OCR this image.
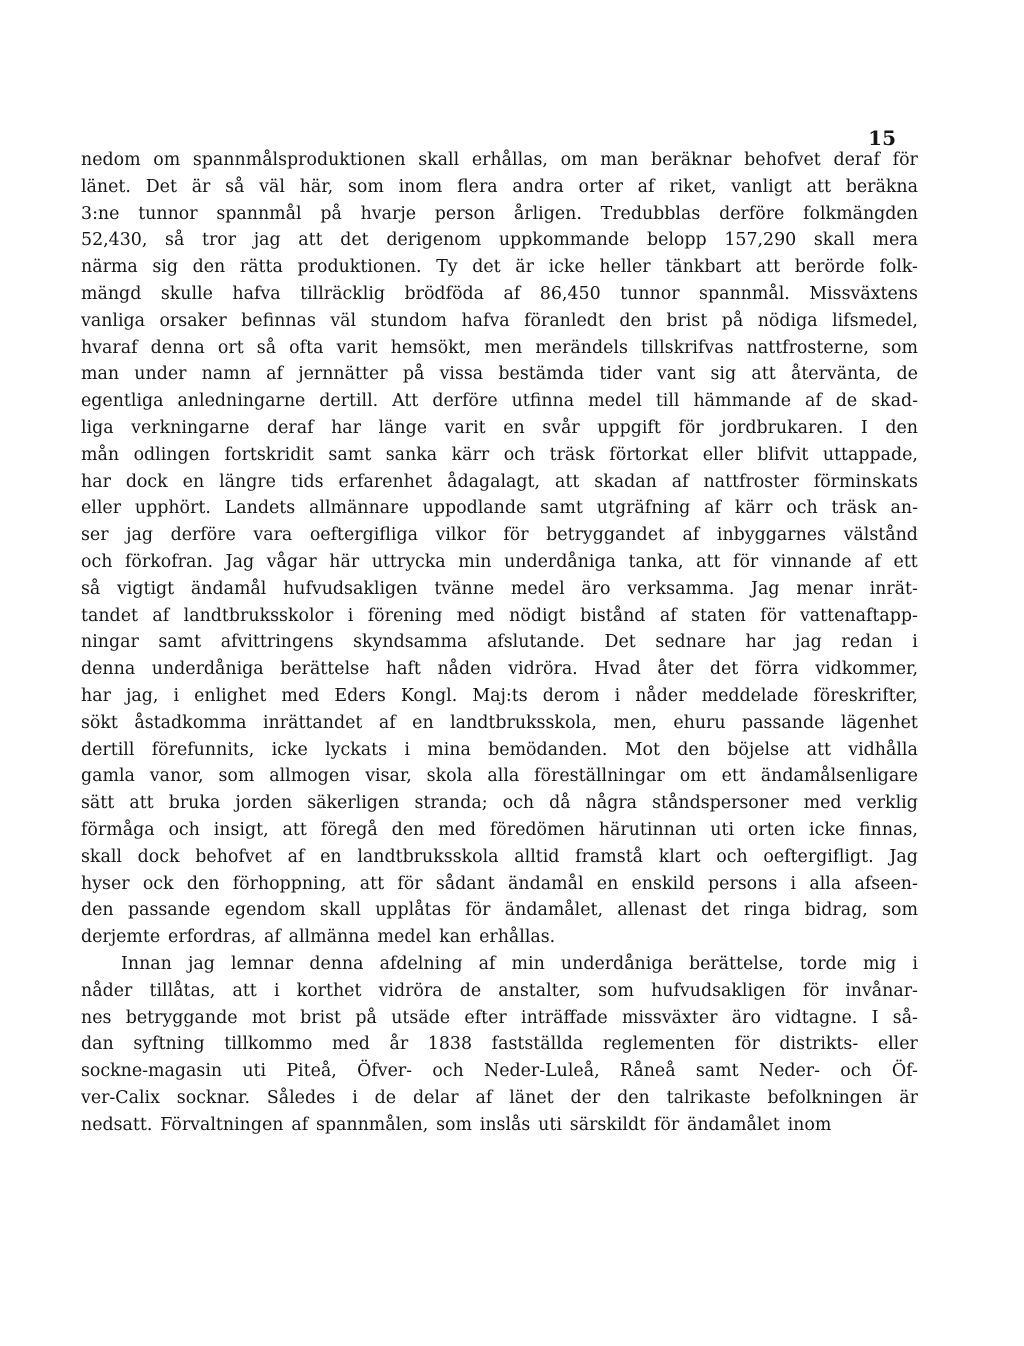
15
nedom om spannmålsproduktionen skall erhållas, om man beräknar behofvet deraf för
länet. Det är så väl här, som inom flera andra orter af riket, vanligt att beräkna
3:ne tunnor spannmål på hvarje person årligen. Tredubblas derföre folkmängden
52,430, så tror jag att det derigenom uppkommande belopp 157,290 skall mera
närma sig den rätta produktionen. Ty det är icke heller tänkbart att berörde folk-
mängd skulle hafva tillräcklig brödföda af 86,450 tunnor spannmål. Missväxtens
vanliga orsaker befinnas väl stundom hafva föranledt den brist på nödiga lifsmedel,
hvaraf denna ort så ofta varit hemsökt, men merändels tillskrifvas nattfrosterne, som
man under namn af jernnätter på vissa bestämda tider vant sig att återvänta, de
egentliga anledningarne dertill. Att derföre utfinna medel till hämmande af de skad-
liga verkningarne deraf har länge varit en svår uppgift för jordbrukaren. I den
mån odlingen fortskridit samt sanka kärr och träsk förtorkat eller blifvit uttappade,
har dock en längre tids erfarenhet ådagalagt, att skadan af nattfroster förminskats
eller upphört. Landets allmännare uppodlande samt utgräfning af kärr och träsk an-
ser jag derföre vara oeftergifliga vilkor för betryggandet af inbyggarnes välstånd
och förkofran. Jag vågar här uttrycka min underdåniga tanka, att för vinnande af ett
så vigtigt ändamål hufvudsakligen tvänne medel äro verksamma. Jag menar inrät-
tandet af landtbruksskolor i förening med nödigt bistånd af staten för vattenaftapp-
ningar samt afvittringens skyndsamma afslutande. Det sednare har jag redan i
denna underdåniga berättelse haft nåden vidröra. Hvad åter det förra vidkommer,
har jag, i enlighet med Eders Kongl. Maj:ts derom i nåder meddelade föreskrifter,
sökt åstadkomma inrättandet af en landtbruksskola, men, ehuru passande lägenhet
dertill förefunnits, icke lyckats i mina bemödanden. Mot den böjelse att vidhålla
gamla vanor, som allmogen visar, skola alla föreställningar om ett ändamålsenligare
sätt att bruka jorden säkerligen stranda; och då några ståndspersoner med verklig
förmåga och insigt, att föregå den med föredömen härutinnan uti orten icke finnas,
skall dock behofvet af en landtbruksskola alltid framstå klart och oeftergifligt. Jag
hyser ock den förhoppning, att för sådant ändamål en enskild persons i alla afseen-
den passande egendom skall upplåtas för ändamålet, allenast det ringa bidrag, som
derjemte erfordras, af allmänna medel kan erhållas.
Innan jag lemnar denna afdelning af min underdåniga berättelse, torde mig i
nåder tillåtas, att i korthet vidröra de anstalter, som hufvudsakligen för invånar-
nes betryggande mot brist på utsäde efter inträffade missväxter äro vidtagne. I så-
dan syftning tillkommo med år 1838 fastställda reglementen för distrikts- eller
sockne-magasin uti Piteå, Öfver- och Neder-Luleå, Råneå samt Neder- och Öf-
ver-Calix socknar. Således i de delar af länet der den talrikaste befolkningen är
nedsatt. Förvaltningen af spannmålen, som inslås uti särskildt för ändamålet inom
